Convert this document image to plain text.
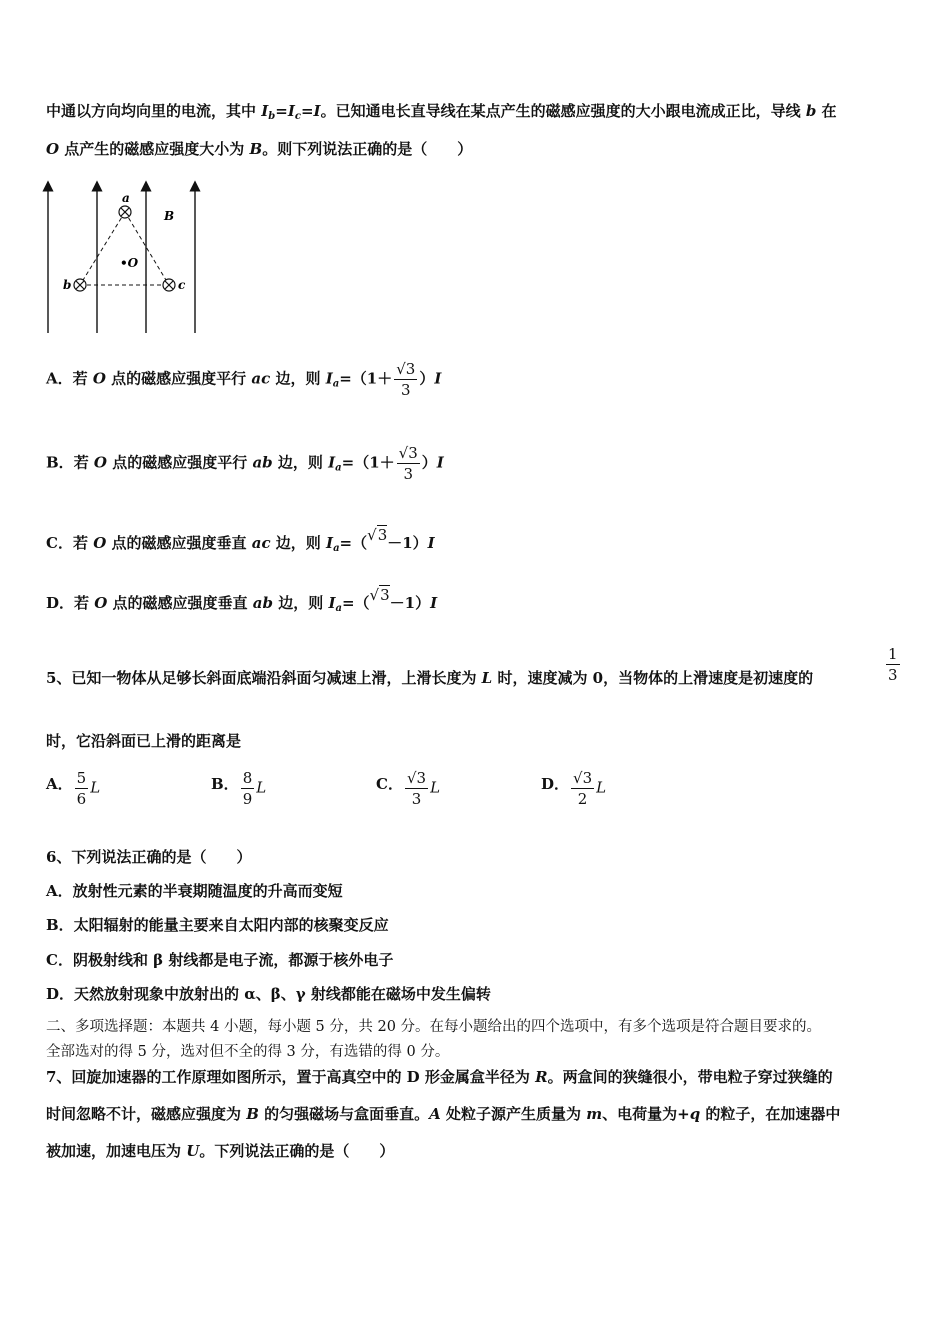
中通以方向均向里的电流，其中 $I_b=I_c=I$。已知通电长直导线在某点产生的磁感应强度的大小跟电流成正比，导线 b 在
O 点产生的磁感应强度大小为 B。则下列说法正确的是（　　）
a
b	c
•O
B
A．若 O 点的磁感应强度平行 ac 边，则 $I_a=(1+ \frac{√3}{3} )I$
B．若 O 点的磁感应强度平行 ab 边，则 $I_a=(1+ \frac{√3}{3} )I$
C．若 O 点的磁感应强度垂直 ac 边，则 $I_a=(√3-1)I$
D．若 O 点的磁感应强度垂直 ab 边，则 $I_a=(√3-1)I$
5、已知一物体从足够长斜面底端沿斜面匀减速上滑，上滑长度为 L 时，速度减为 0，当物体的上滑速度是初速度的	$\frac{1}{3}$
时，它沿斜面已上滑的距离是
A． $\frac{5}{6}$ L	B． $\frac{8}{9}$ L	C． $\frac{√3}{3}$ L	D． $\frac{√3}{2}$ L
6、下列说法正确的是（　　）
A．放射性元素的半衰期随温度的升高而变短
B．太阳辐射的能量主要来自太阳内部的核聚变反应
C．阴极射线和 β 射线都是电子流，都源于核外电子
D．天然放射现象中放射出的 α、β、γ 射线都能在磁场中发生偏转
二、多项选择题：本题共 4 小题，每小题 5 分，共 20 分。在每小题给出的四个选项中，有多个选项是符合题目要求的。
全部选对的得 5 分，选对但不全的得 3 分，有选错的得 0 分。
7、回旋加速器的工作原理如图所示，置于高真空中的 D 形金属盒半径为 R。两盒间的狭缝很小，带电粒子穿过狭缝的
时间忽略不计，磁感应强度为 B 的匀强磁场与盒面垂直。A 处粒子源产生质量为 m、电荷量为+q 的粒子，在加速器中
被加速，加速电压为 U。下列说法正确的是（　　）
